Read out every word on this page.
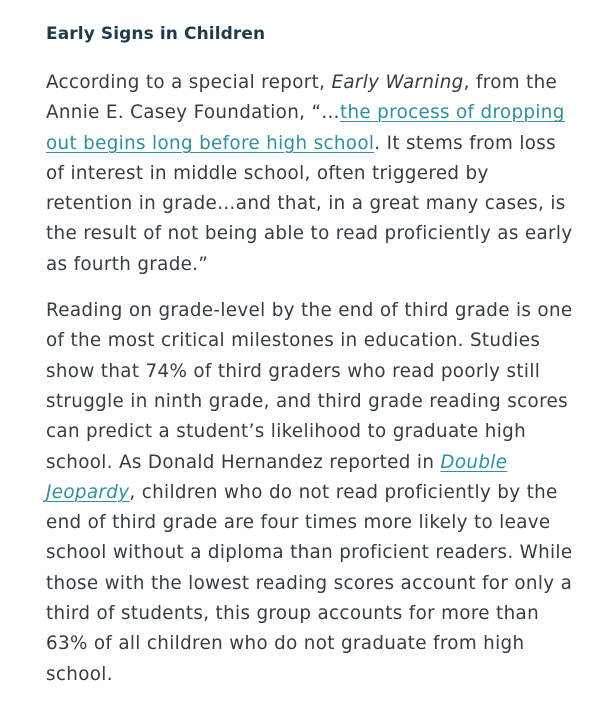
Early Signs in Children

According to a special report, Early Warning, from the Annie E. Casey Foundation, “…the process of dropping out begins long before high school. It stems from loss of interest in middle school, often triggered by retention in grade…and that, in a great many cases, is the result of not being able to read proficiently as early as fourth grade.”

Reading on grade-level by the end of third grade is one of the most critical milestones in education. Studies show that 74% of third graders who read poorly still struggle in ninth grade, and third grade reading scores can predict a student’s likelihood to graduate high school. As Donald Hernandez reported in Double Jeopardy, children who do not read proficiently by the end of third grade are four times more likely to leave school without a diploma than proficient readers. While those with the lowest reading scores account for only a third of students, this group accounts for more than 63% of all children who do not graduate from high school.
